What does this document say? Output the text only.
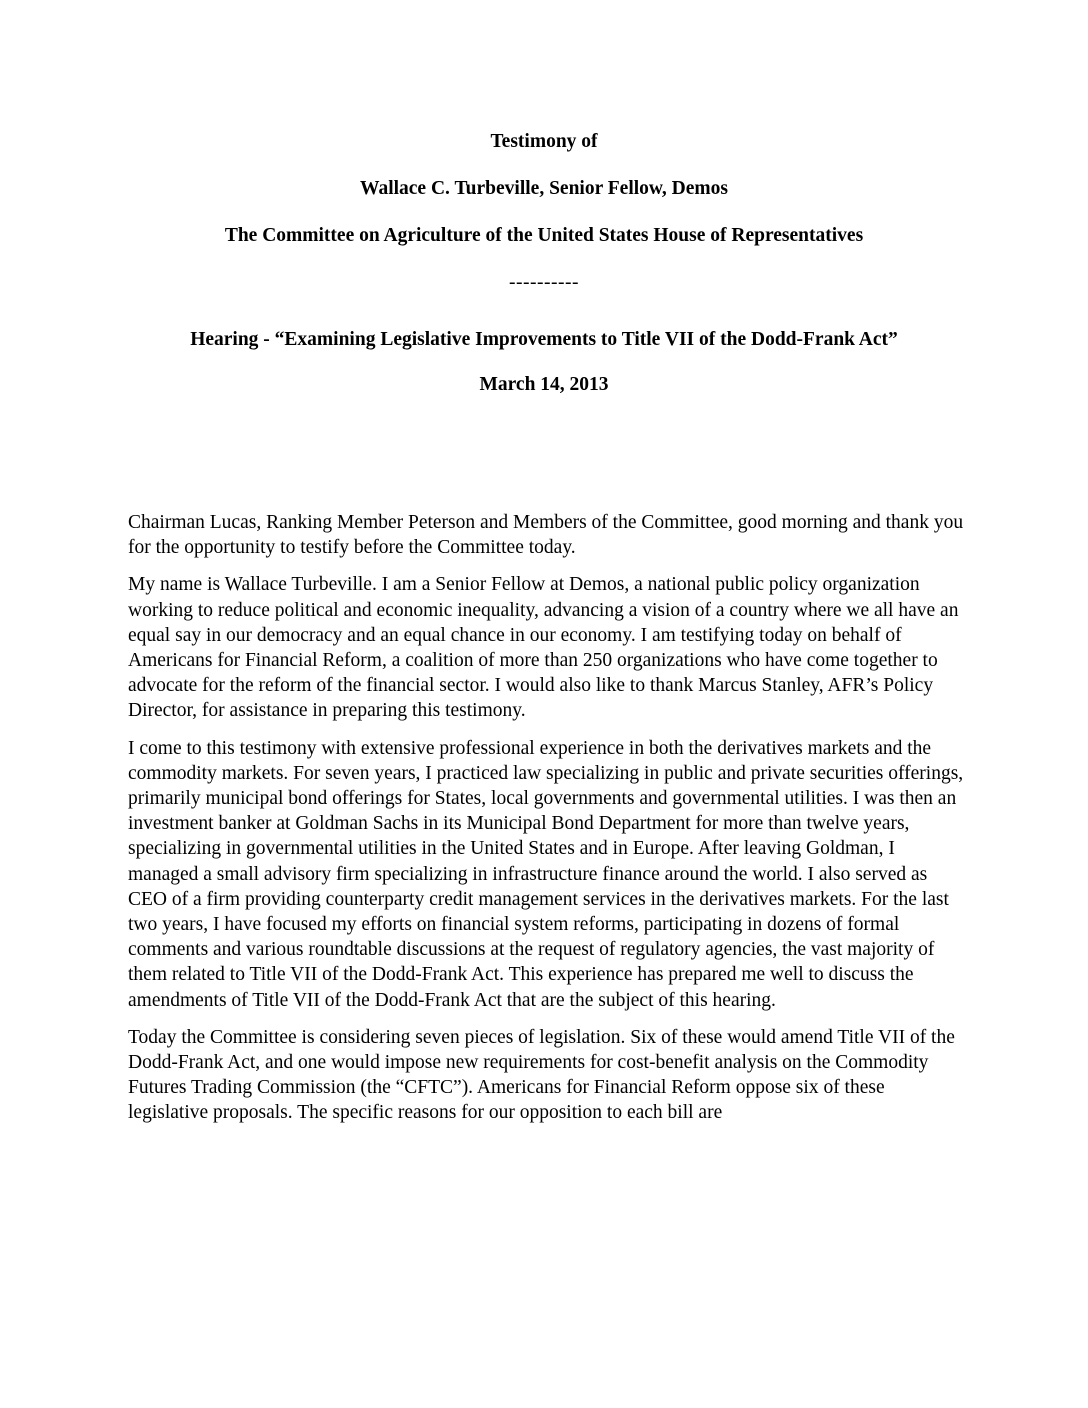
Testimony of
Wallace C. Turbeville, Senior Fellow, Demos
The Committee on Agriculture of the United States House of Representatives
----------
Hearing - “Examining Legislative Improvements to Title VII of the Dodd-Frank Act”
March 14, 2013

Chairman Lucas, Ranking Member Peterson and Members of the Committee, good morning and thank you for the opportunity to testify before the Committee today.

My name is Wallace Turbeville. I am a Senior Fellow at Demos, a national public policy organization working to reduce political and economic inequality, advancing a vision of a country where we all have an equal say in our democracy and an equal chance in our economy. I am testifying today on behalf of Americans for Financial Reform, a coalition of more than 250 organizations who have come together to advocate for the reform of the financial sector. I would also like to thank Marcus Stanley, AFR’s Policy Director, for assistance in preparing this testimony.

I come to this testimony with extensive professional experience in both the derivatives markets and the commodity markets. For seven years, I practiced law specializing in public and private securities offerings, primarily municipal bond offerings for States, local governments and governmental utilities. I was then an investment banker at Goldman Sachs in its Municipal Bond Department for more than twelve years, specializing in governmental utilities in the United States and in Europe. After leaving Goldman, I managed a small advisory firm specializing in infrastructure finance around the world. I also served as CEO of a firm providing counterparty credit management services in the derivatives markets. For the last two years, I have focused my efforts on financial system reforms, participating in dozens of formal comments and various roundtable discussions at the request of regulatory agencies, the vast majority of them related to Title VII of the Dodd-Frank Act. This experience has prepared me well to discuss the amendments of Title VII of the Dodd-Frank Act that are the subject of this hearing.

Today the Committee is considering seven pieces of legislation. Six of these would amend Title VII of the Dodd-Frank Act, and one would impose new requirements for cost-benefit analysis on the Commodity Futures Trading Commission (the “CFTC”). Americans for Financial Reform oppose six of these legislative proposals. The specific reasons for our opposition to each bill are
